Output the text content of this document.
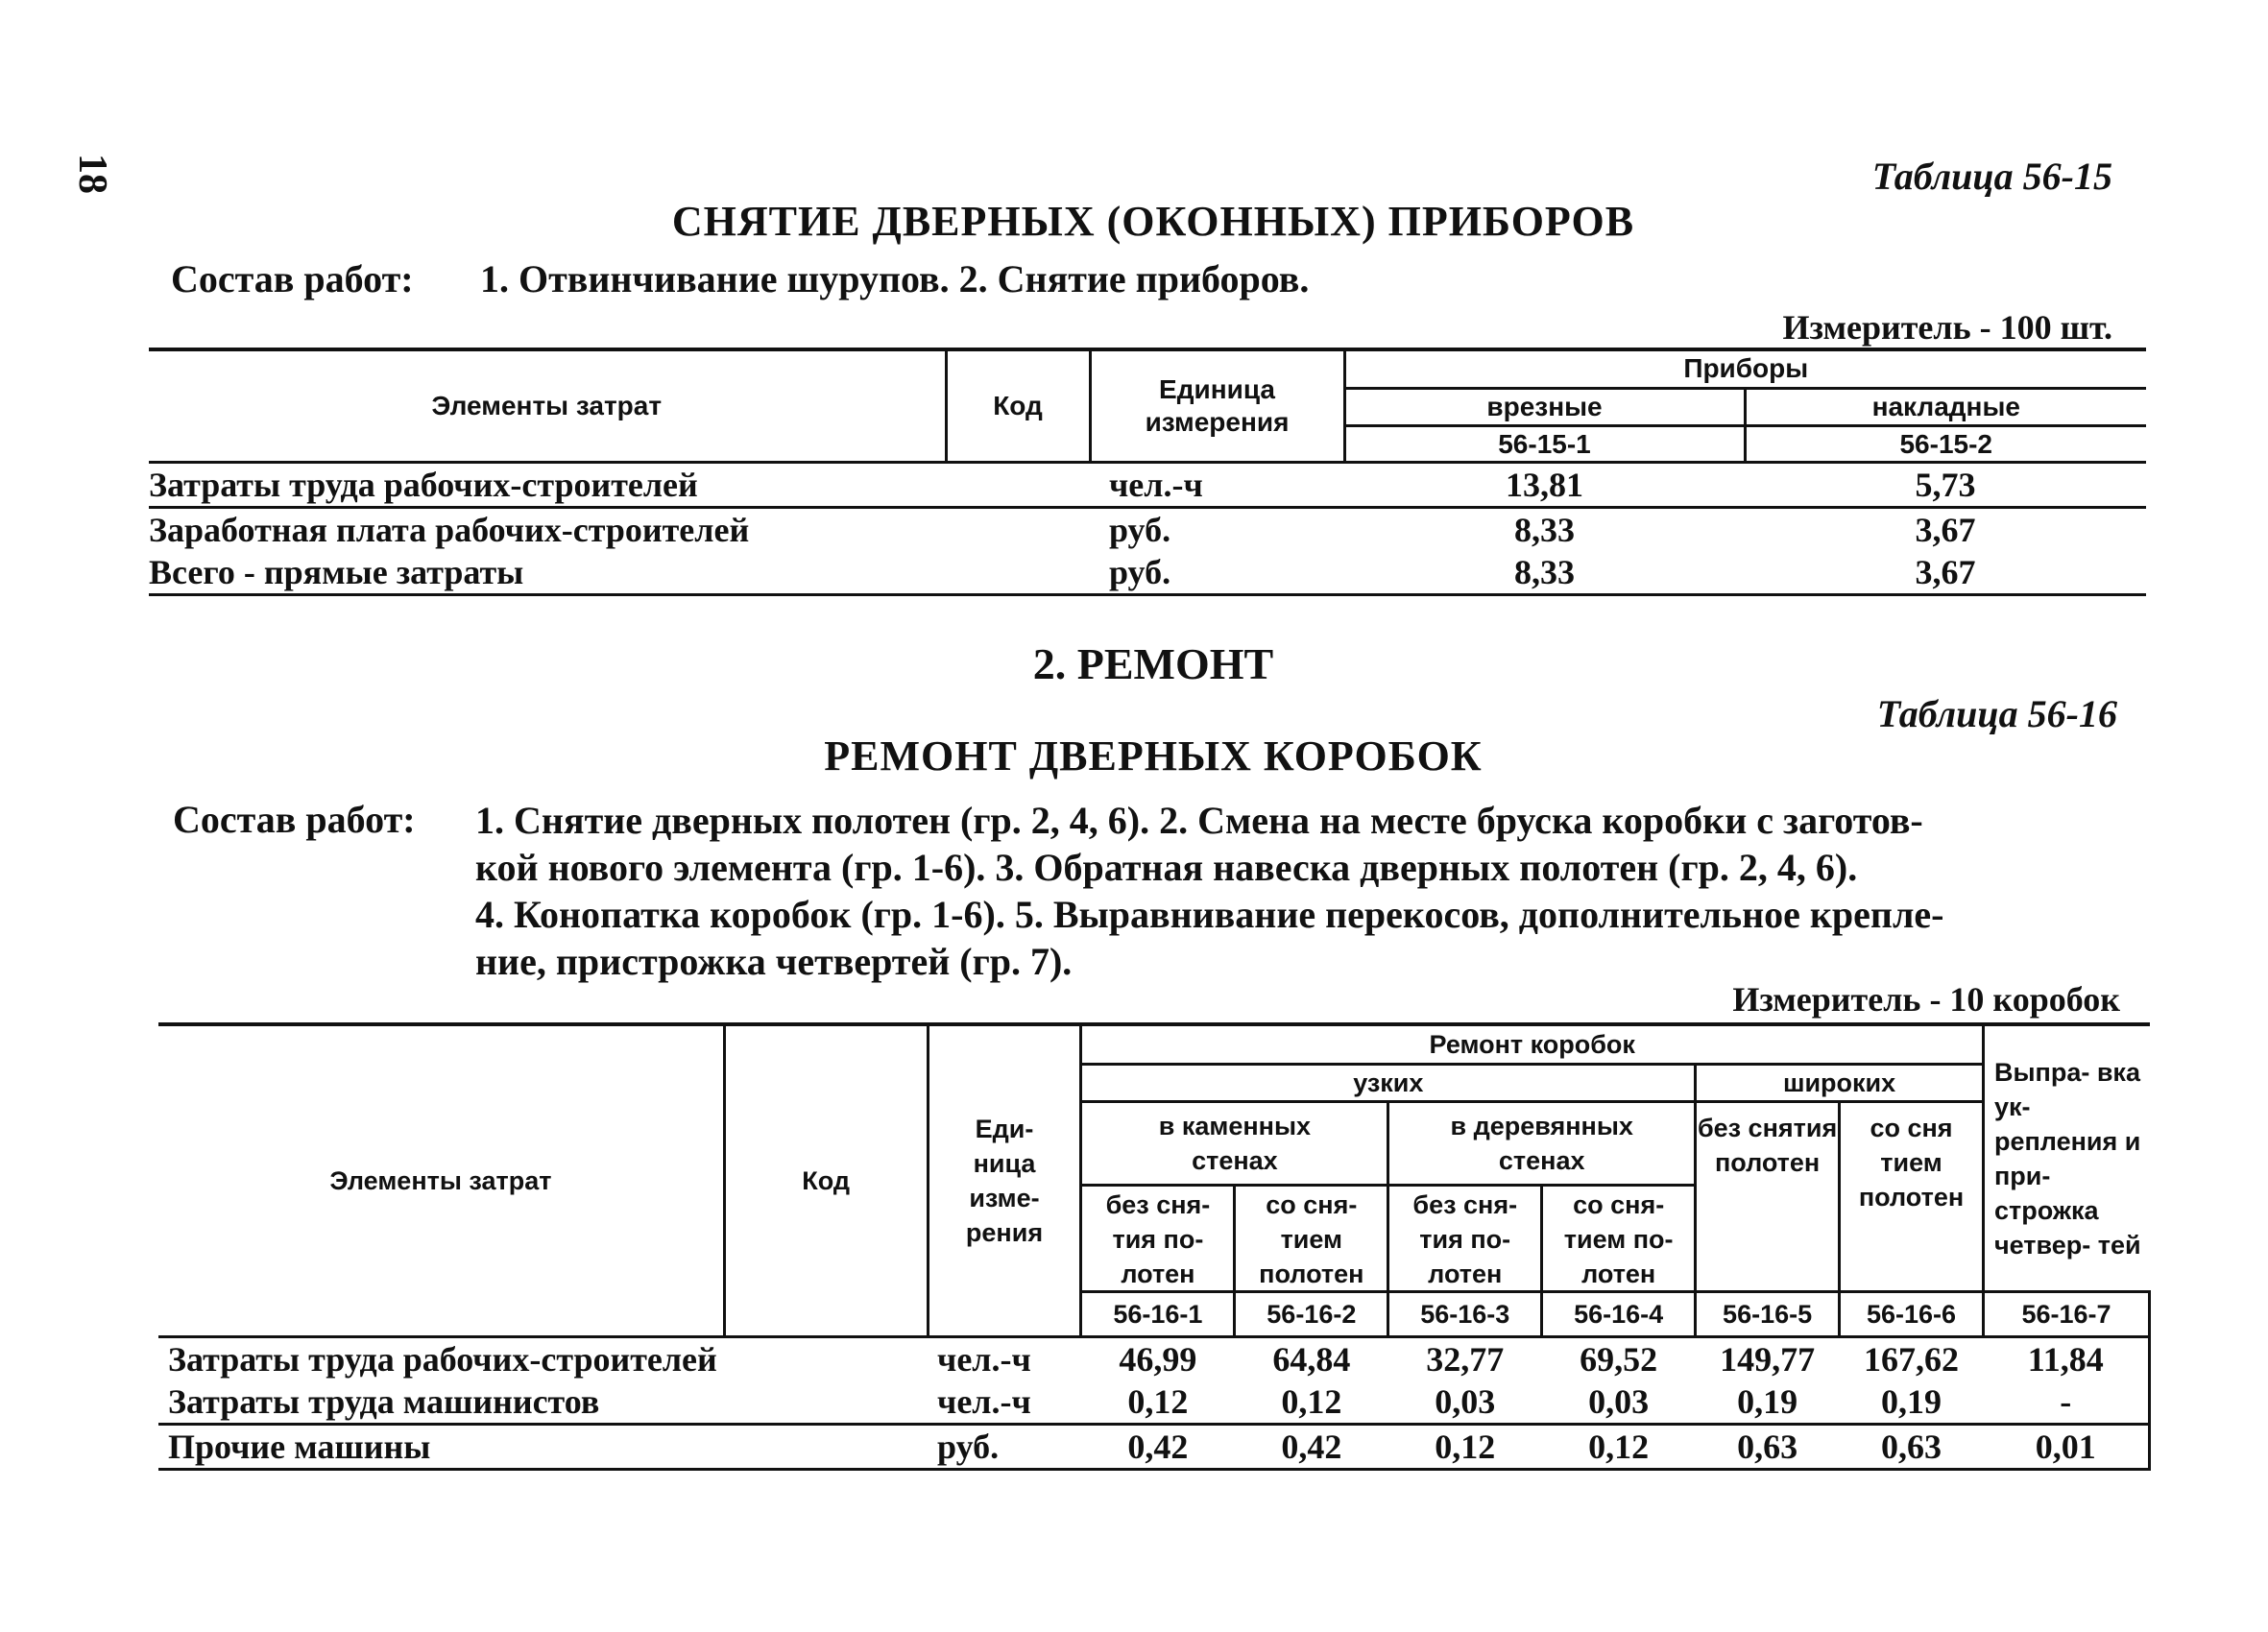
18	Таблица 56-15
СНЯТИЕ ДВЕРНЫХ (ОКОННЫХ) ПРИБОРОВ
Состав работ: 1. Отвинчивание шурупов. 2. Снятие приборов.
Измеритель - 100 шт.
Элементы затрат	Код	Единица измерения	Приборы	
			врезные	накладные
			56-15-1	56-15-2
Затраты труда рабочих-строителей		чел.-ч	13,81	5,73
Заработная плата рабочих-строителей		руб.	8,33	3,67
Всего - прямые затраты		руб.	8,33	3,67
2. РЕМОНТ
Таблица 56-16
РЕМОНТ ДВЕРНЫХ КОРОБОК
Состав работ: 1. Снятие дверных полотен (гр. 2, 4, 6). 2. Смена на месте бруска коробки с заготов-
кой нового элемента (гр. 1-6). 3. Обратная навеска дверных полотен (гр. 2, 4, 6).
4. Конопатка коробок (гр. 1-6). 5. Выравнивание перекосов, дополнительное крепле-
ние, пристрожка четвертей (гр. 7).
Измеритель - 10 коробок
Элементы затрат	Код	Еди- ница изме- рения	Ремонт коробок						Выпра- вка ук- репления и при- строжка четвер- тей
			узких				широких		
			в каменных стенах		в деревянных стенах		без снятия полотен	со сня тием полотен	
			без сня- тия по- лотен	со сня- тием полотен	без сня- тия по- лотен	со сня- тием по- лотен			

			56-16-1	56-16-2	56-16-3	56-16-4	56-16-5	56-16-6	56-16-7
Затраты труда рабочих-строителей		чел.-ч	46,99	64,84	32,77	69,52	149,77	167,62	11,84
Затраты труда машинистов		чел.-ч	0,12	0,12	0,03	0,03	0,19	0,19	-
Прочие машины		руб.	0,42	0,42	0,12	0,12	0,63	0,63	0,01
